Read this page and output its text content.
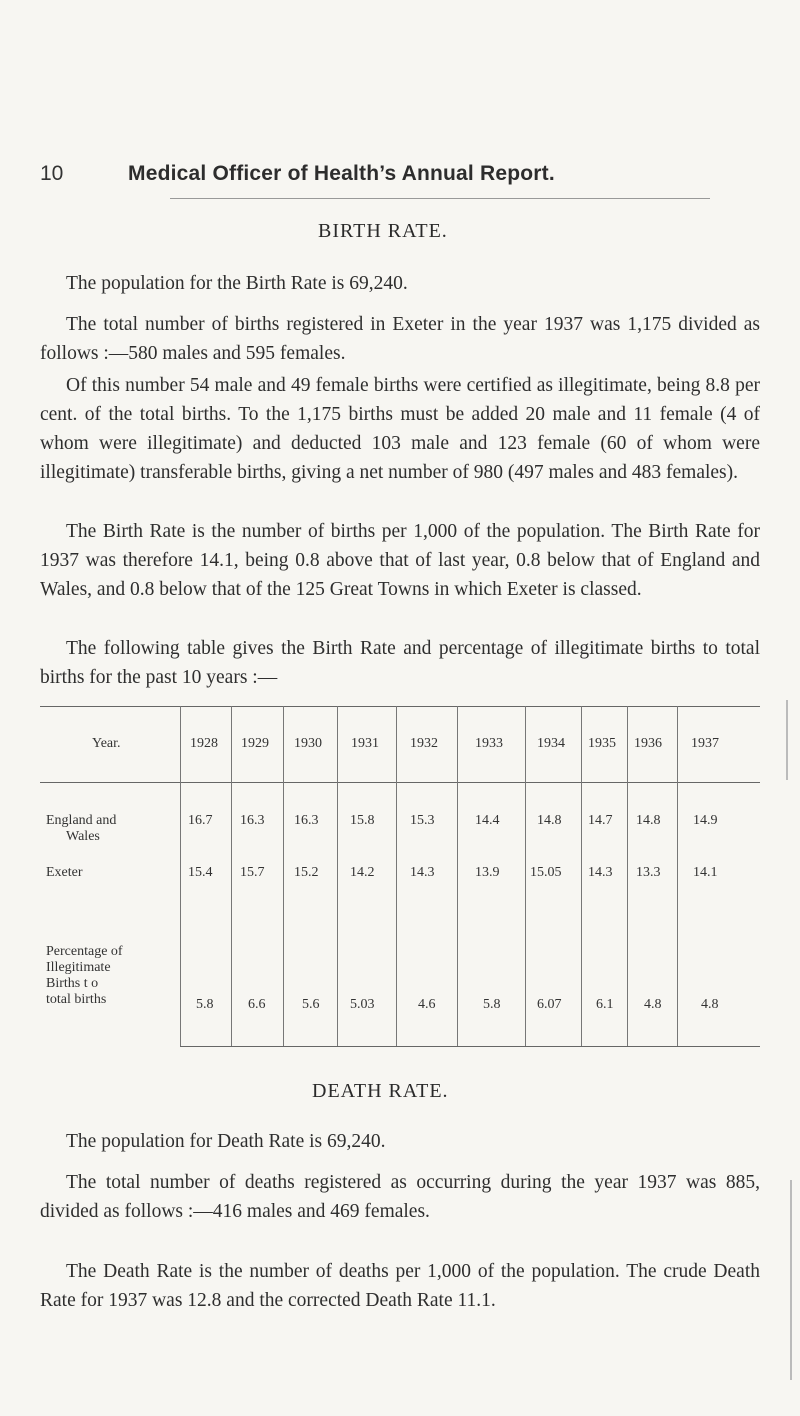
10	Medical Officer of Health’s Annual Report.
BIRTH RATE.

The population for the Birth Rate is 69,240.

The total number of births registered in Exeter in the year 1937 was 1,175 divided as follows :—580 males and 595 females.

Of this number 54 male and 49 female births were certified as illegitimate, being 8.8 per cent. of the total births. To the 1,175 births must be added 20 male and 11 female (4 of whom were illegitimate) and deducted 103 male and 123 female (60 of whom were illegitimate) transferable births, giving a net number of 980 (497 males and 483 females).

The Birth Rate is the number of births per 1,000 of the population. The Birth Rate for 1937 was therefore 14.1, being 0.8 above that of last year, 0.8 below that of England and Wales, and 0.8 below that of the 125 Great Towns in which Exeter is classed.

The following table gives the Birth Rate and percentage of illegitimate births to total births for the past 10 years :—

Year.	1928 1929 1930 1931 1932	1933 1934 1935 1936 1937
England and
Wales
16.7 16.3 16.3 15.8	15.3	14.4	14.8 14.7 14.8 14.9
Exeter	15.4 15.7 15.2 14.2	14.3	13.9 15.05 14.3 13.3 14.1
Percentage of
Illegitimate
Births t o
total births	5.8 6.6	5.6 5.03	4.6	5.8	6.07 6.1 4.8	4.8
DEATH RATE.

The population for Death Rate is 69,240.

The total number of deaths registered as occurring during the year 1937 was 885, divided as follows :—416 males and 469 females.

The Death Rate is the number of deaths per 1,000 of the population. The crude Death Rate for 1937 was 12.8 and the corrected Death Rate 11.1.
